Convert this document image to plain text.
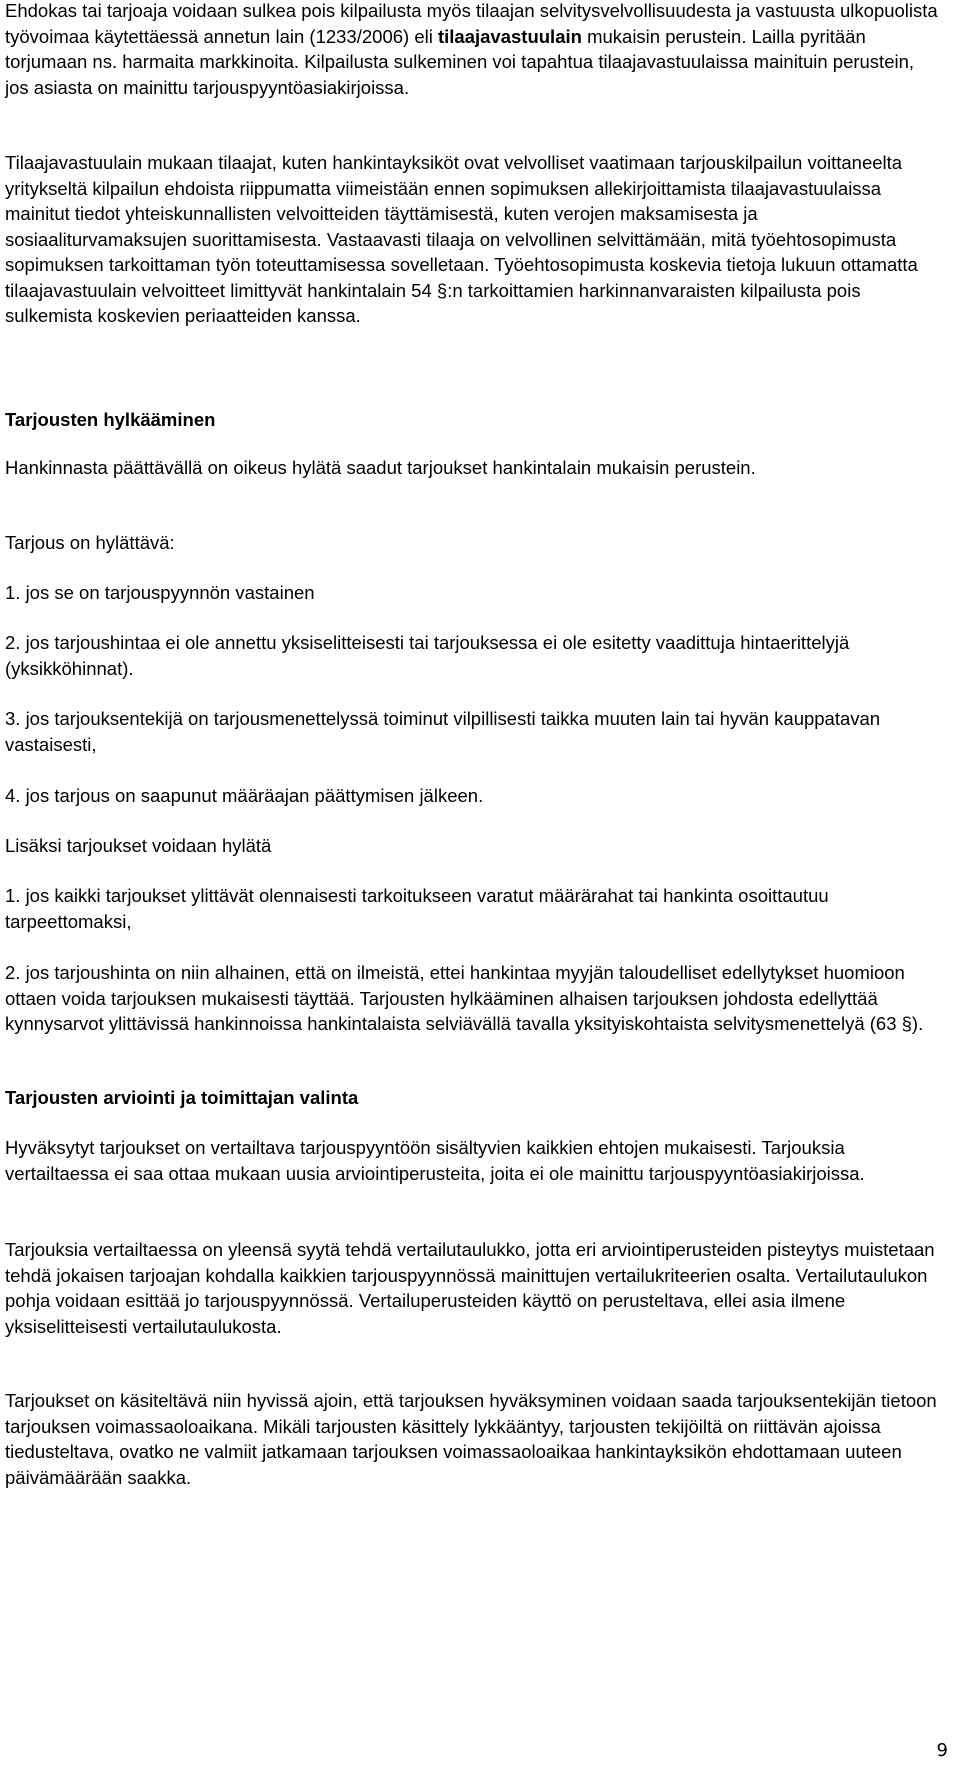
Ehdokas tai tarjoaja voidaan sulkea pois kilpailusta myös tilaajan selvitysvelvollisuudesta ja vastuusta ulkopuolista työvoimaa käytettäessä annetun lain (1233/2006) eli tilaajavastuulain mukaisin perustein. Lailla pyritään torjumaan ns. harmaita markkinoita. Kilpailusta sulkeminen voi tapahtua tilaajavastuulaissa mainituin perustein, jos asiasta on mainittu tarjouspyyntöasiakirjoissa.

Tilaajavastuulain mukaan tilaajat, kuten hankintayksiköt ovat velvolliset vaatimaan tarjouskilpailun voittaneelta yritykseltä kilpailun ehdoista riippumatta viimeistään ennen sopimuksen allekirjoittamista tilaajavastuulaissa mainitut tiedot yhteiskunnallisten velvoitteiden täyttämisestä, kuten verojen maksamisesta ja sosiaaliturvamaksujen suorittamisesta. Vastaavasti tilaaja on velvollinen selvittämään, mitä työehtosopimusta sopimuksen tarkoittaman työn toteuttamisessa sovelletaan. Työehtosopimusta koskevia tietoja lukuun ottamatta tilaajavastuulain velvoitteet limittyvät hankintalain 54 §:n tarkoittamien harkinnanvaraisten kilpailusta pois sulkemista koskevien periaatteiden kanssa.

Tarjousten hylkääminen

Hankinnasta päättävällä on oikeus hylätä saadut tarjoukset hankintalain mukaisin perustein.

Tarjous on hylättävä:

1. jos se on tarjouspyynnön vastainen

2. jos tarjoushintaa ei ole annettu yksiselitteisesti tai tarjouksessa ei ole esitetty vaadittuja hintaerittelyjä (yksikköhinnat).

3. jos tarjouksentekijä on tarjousmenettelyssä toiminut vilpillisesti taikka muuten lain tai hyvän kauppatavan vastaisesti,

4. jos tarjous on saapunut määräajan päättymisen jälkeen.

Lisäksi tarjoukset voidaan hylätä

1. jos kaikki tarjoukset ylittävät olennaisesti tarkoitukseen varatut määrärahat tai hankinta osoittautuu tarpeettomaksi,

2. jos tarjoushinta on niin alhainen, että on ilmeistä, ettei hankintaa myyjän taloudelliset edellytykset huomioon ottaen voida tarjouksen mukaisesti täyttää. Tarjousten hylkääminen alhaisen tarjouksen johdosta edellyttää kynnysarvot ylittävissä hankinnoissa hankintalaista selviävällä tavalla yksityiskohtaista selvitysmenettelyä (63 §).

Tarjousten arviointi ja toimittajan valinta

Hyväksytyt tarjoukset on vertailtava tarjouspyyntöön sisältyvien kaikkien ehtojen mukaisesti. Tarjouksia vertailtaessa ei saa ottaa mukaan uusia arviointiperusteita, joita ei ole mainittu tarjouspyyntöasiakirjoissa.

Tarjouksia vertailtaessa on yleensä syytä tehdä vertailutaulukko, jotta eri arviointiperusteiden pisteytys muistetaan tehdä jokaisen tarjoajan kohdalla kaikkien tarjouspyynnössä mainittujen vertailukriteerien osalta. Vertailutaulukon pohja voidaan esittää jo tarjouspyynnössä. Vertailuperusteiden käyttö on perusteltava, ellei asia ilmene yksiselitteisesti vertailutaulukosta.

Tarjoukset on käsiteltävä niin hyvissä ajoin, että tarjouksen hyväksyminen voidaan saada tarjouksentekijän tietoon tarjouksen voimassaoloaikana. Mikäli tarjousten käsittely lykkääntyy, tarjousten tekijöiltä on riittävän ajoissa tiedusteltava, ovatko ne valmiit jatkamaan tarjouksen voimassaoloaikaa hankintayksikön ehdottamaan uuteen päivämäärään saakka.

9
